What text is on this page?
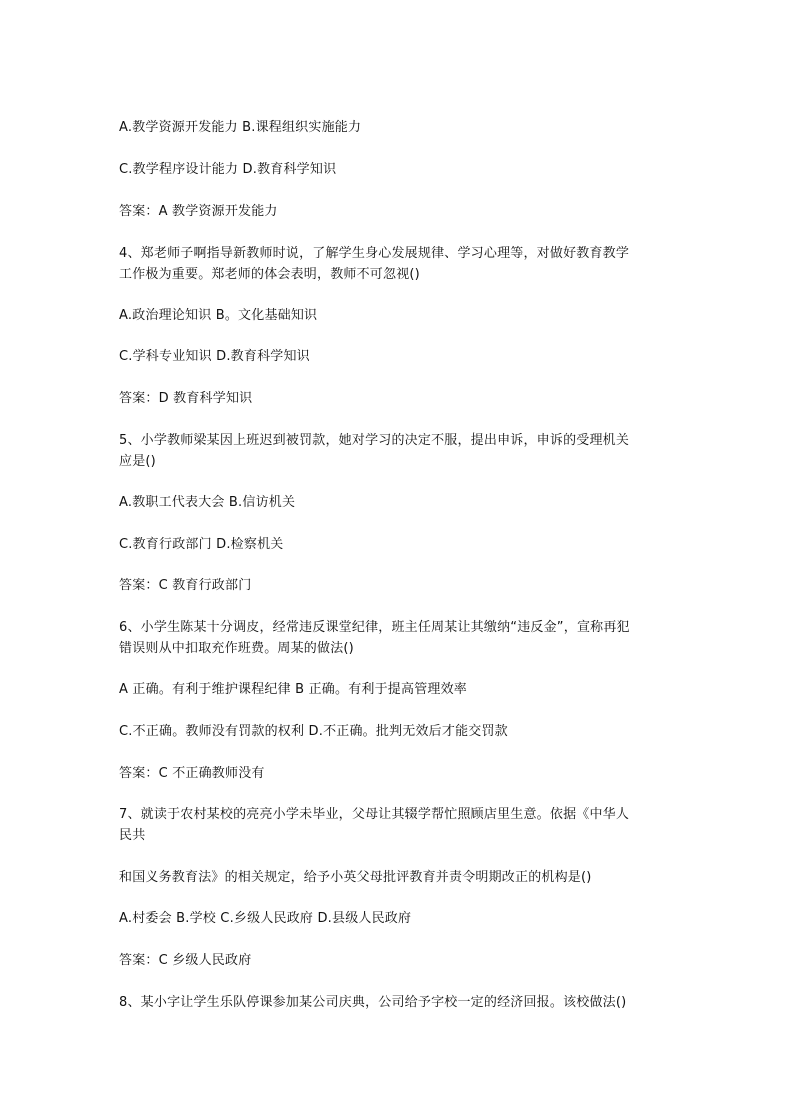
A.教学资源开发能力 B.课程组织实施能力
C.教学程序设计能力 D.教育科学知识
答案：A 教学资源开发能力
4、郑老师子啊指导新教师时说，了解学生身心发展规律、学习心理等，对做好教育教学
工作极为重要。郑老师的体会表明，教师不可忽视()
A.政治理论知识 B。文化基础知识
C.学科专业知识 D.教育科学知识
答案：D 教育科学知识
5、小学教师梁某因上班迟到被罚款，她对学习的决定不服，提出申诉，申诉的受理机关
应是()
A.教职工代表大会 B.信访机关
C.教育行政部门 D.检察机关
答案：C 教育行政部门
6、小学生陈某十分调皮，经常违反课堂纪律，班主任周某让其缴纳“违反金”，宣称再犯
错误则从中扣取充作班费。周某的做法()
A 正确。有利于维护课程纪律 B 正确。有利于提高管理效率
C.不正确。教师没有罚款的权利 D.不正确。批判无效后才能交罚款
答案：C 不正确教师没有
7、就读于农村某校的亮亮小学未毕业，父母让其辍学帮忙照顾店里生意。依据《中华人
民共
和国义务教育法》的相关规定，给予小英父母批评教育并责令明期改正的机构是()
A.村委会 B.学校 C.乡级人民政府 D.县级人民政府
答案：C 乡级人民政府
8、某小字让学生乐队停课参加某公司庆典，公司给予字校一定的经济回报。该校做法()
